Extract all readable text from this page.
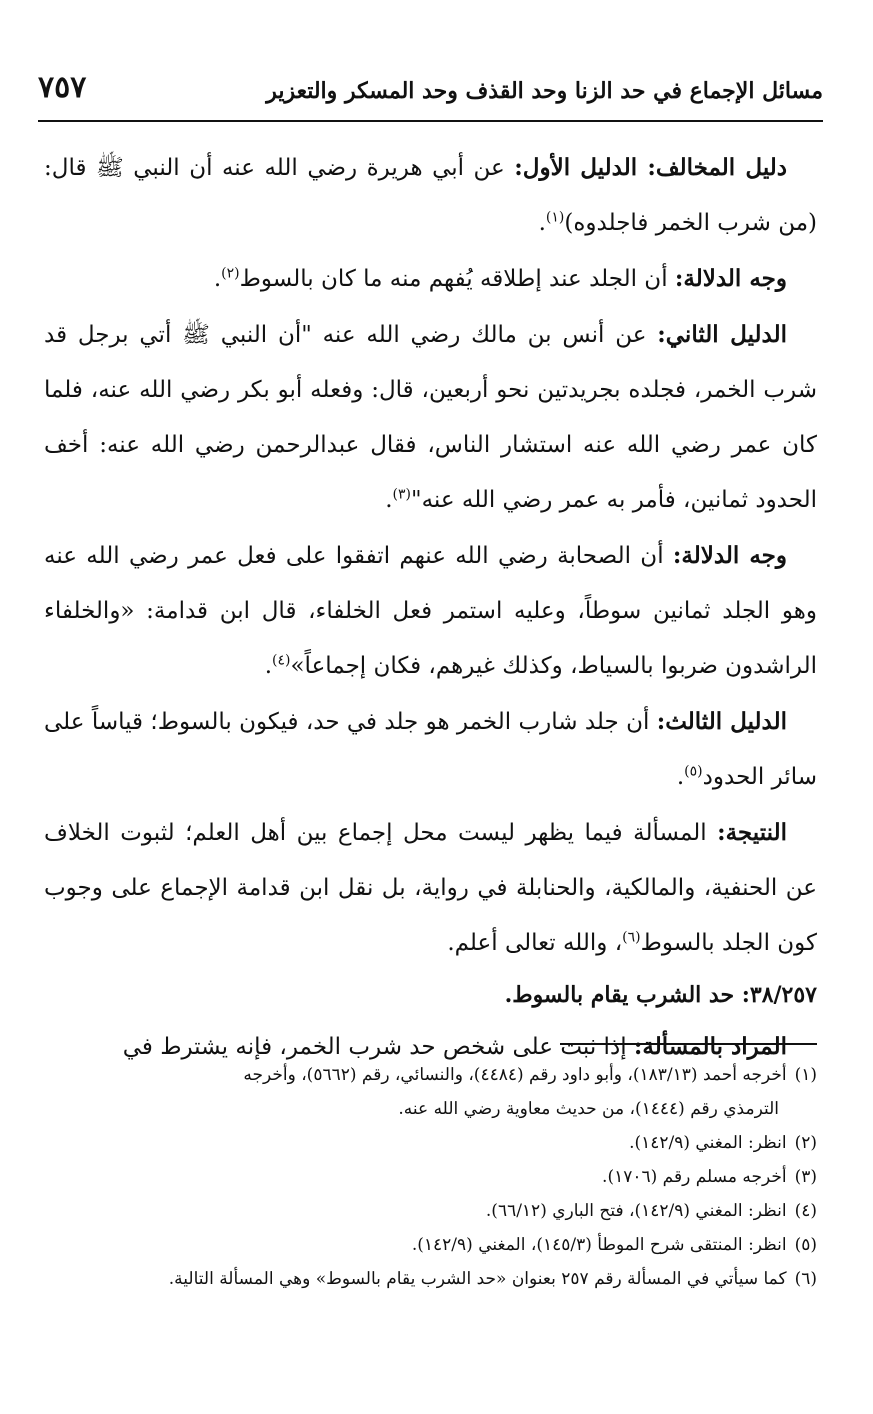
مسائل الإجماع في حد الزنا وحد القذف وحد المسكر والتعزير
٧٥٧

دليل المخالف: الدليل الأول: عن أبي هريرة رضي الله عنه أن النبي ﷺ قال: (من شرب الخمر فاجلدوه)$^{(١)}$.

وجه الدلالة: أن الجلد عند إطلاقه يُفهم منه ما كان بالسوط$^{(٢)}$.

الدليل الثاني: عن أنس بن مالك رضي الله عنه "أن النبي ﷺ أتي برجل قد شرب الخمر، فجلده بجريدتين نحو أربعين، قال: وفعله أبو بكر رضي الله عنه، فلما كان عمر رضي الله عنه استشار الناس، فقال عبدالرحمن رضي الله عنه: أخف الحدود ثمانين، فأمر به عمر رضي الله عنه"$^{(٣)}$.

وجه الدلالة: أن الصحابة رضي الله عنهم اتفقوا على فعل عمر رضي الله عنه وهو الجلد ثمانين سوطاً، وعليه استمر فعل الخلفاء، قال ابن قدامة: «والخلفاء الراشدون ضربوا بالسياط، وكذلك غيرهم، فكان إجماعاً»$^{(٤)}$.

الدليل الثالث: أن جلد شارب الخمر هو جلد في حد، فيكون بالسوط؛ قياساً على سائر الحدود$^{(٥)}$.

النتيجة: المسألة فيما يظهر ليست محل إجماع بين أهل العلم؛ لثبوت الخلاف عن الحنفية، والمالكية، والحنابلة في رواية، بل نقل ابن قدامة الإجماع على وجوب كون الجلد بالسوط$^{(٦)}$، والله تعالى أعلم.

٣٨/٢٥٧: حد الشرب يقام بالسوط.

المراد بالمسألة: إذا ثبت على شخص حد شرب الخمر، فإنه يشترط في

(١)أخرجه أحمد (١٨٣/١٣)، وأبو داود رقم (٤٤٨٤)، والنسائي، رقم (٥٦٦٢)، وأخرجه

الترمذي رقم (١٤٤٤)، من حديث معاوية رضي الله عنه.

(٢)انظر: المغني (١٤٢/٩).

(٣)أخرجه مسلم رقم (١٧٠٦).

(٤)انظر: المغني (١٤٢/٩)، فتح الباري (٦٦/١٢).

(٥)انظر: المنتقى شرح الموطأ (١٤٥/٣)، المغني (١٤٢/٩).

(٦)كما سيأتي في المسألة رقم ٢٥٧ بعنوان «حد الشرب يقام بالسوط» وهي المسألة التالية.
